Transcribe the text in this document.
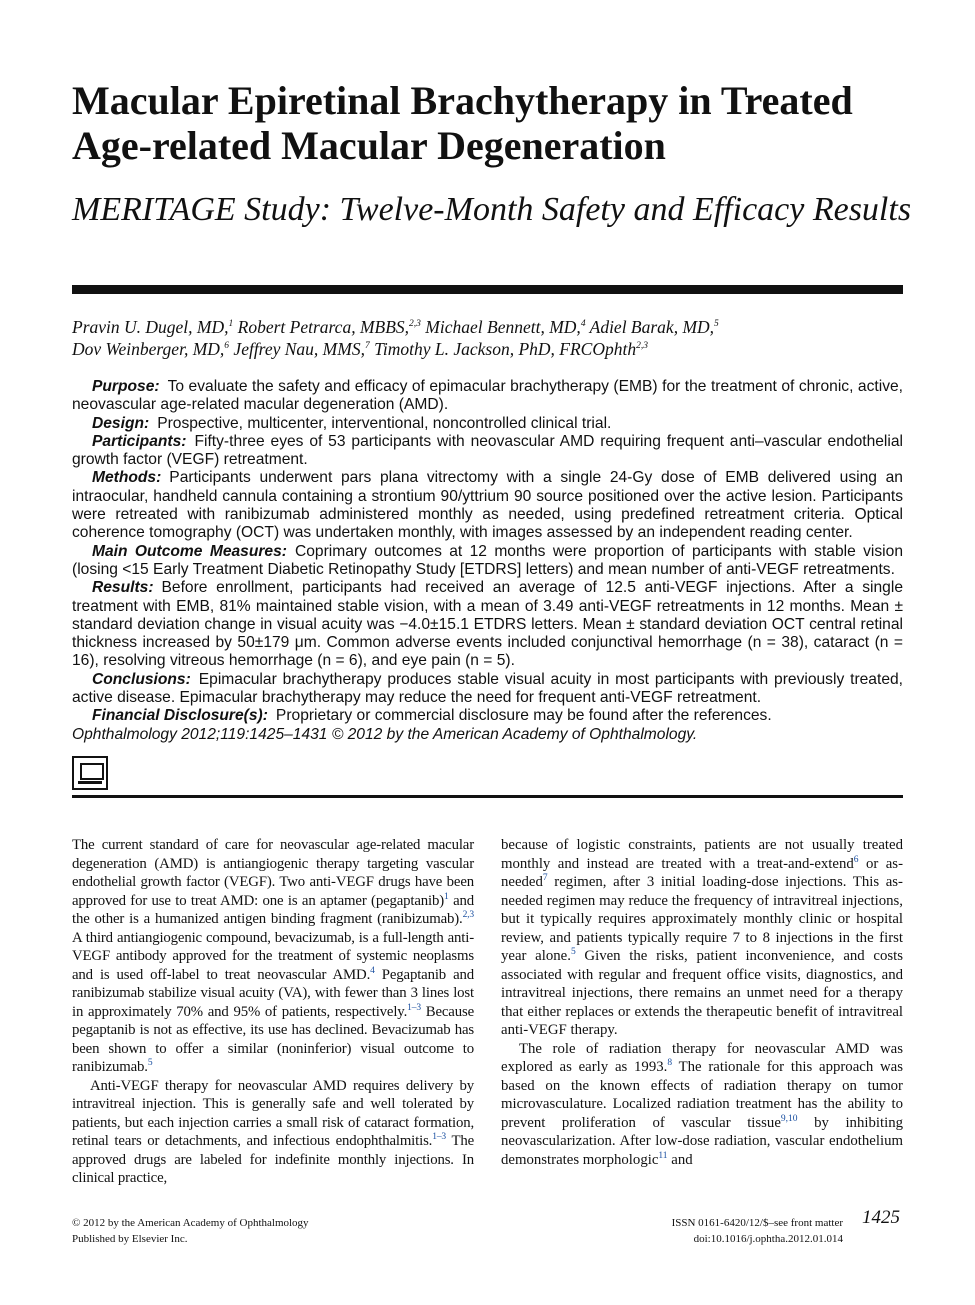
Macular Epiretinal Brachytherapy in Treated Age-related Macular Degeneration
MERITAGE Study: Twelve-Month Safety and Efficacy Results
Pravin U. Dugel, MD,$^1$ Robert Petrarca, MBBS,$^{2,3}$ Michael Bennett, MD,$^4$ Adiel Barak, MD,$^5$
Dov Weinberger, MD,$^6$ Jeffrey Nau, MMS,$^7$ Timothy L. Jackson, PhD, FRCOphth$^{2,3}$

Purpose: To evaluate the safety and efficacy of epimacular brachytherapy (EMB) for the treatment of chronic, active, neovascular age-related macular degeneration (AMD).

Design: Prospective, multicenter, interventional, noncontrolled clinical trial.

Participants: Fifty-three eyes of 53 participants with neovascular AMD requiring frequent anti–vascular endothelial growth factor (VEGF) retreatment.

Methods: Participants underwent pars plana vitrectomy with a single 24-Gy dose of EMB delivered using an intraocular, handheld cannula containing a strontium 90/yttrium 90 source positioned over the active lesion. Participants were retreated with ranibizumab administered monthly as needed, using predefined retreatment criteria. Optical coherence tomography (OCT) was undertaken monthly, with images assessed by an independent reading center.

Main Outcome Measures: Coprimary outcomes at 12 months were proportion of participants with stable vision (losing <15 Early Treatment Diabetic Retinopathy Study [ETDRS] letters) and mean number of anti-VEGF retreatments.

Results: Before enrollment, participants had received an average of 12.5 anti-VEGF injections. After a single treatment with EMB, 81% maintained stable vision, with a mean of 3.49 anti-VEGF retreatments in 12 months. Mean ± standard deviation change in visual acuity was −4.0±15.1 ETDRS letters. Mean ± standard deviation OCT central retinal thickness increased by 50±179 μm. Common adverse events included conjunctival hemorrhage (n = 38), cataract (n = 16), resolving vitreous hemorrhage (n = 6), and eye pain (n = 5).

Conclusions: Epimacular brachytherapy produces stable visual acuity in most participants with previously treated, active disease. Epimacular brachytherapy may reduce the need for frequent anti-VEGF retreatment.

Financial Disclosure(s): Proprietary or commercial disclosure may be found after the references.

Ophthalmology 2012;119:1425–1431 © 2012 by the American Academy of Ophthalmology.

The current standard of care for neovascular age-related macular degeneration (AMD) is antiangiogenic therapy targeting vascular endothelial growth factor (VEGF). Two anti-VEGF drugs have been approved for use to treat AMD: one is an aptamer (pegaptanib)$^1$ and the other is a humanized antigen binding fragment (ranibizumab).$^{2,3}$ A third antiangiogenic compound, bevacizumab, is a full-length anti-VEGF antibody approved for the treatment of systemic neoplasms and is used off-label to treat neovascular AMD.$^4$ Pegaptanib and ranibizumab stabilize visual acuity (VA), with fewer than 3 lines lost in approximately 70% and 95% of patients, respectively.$^{1-3}$ Because pegaptanib is not as effective, its use has declined. Bevacizumab has been shown to offer a similar (noninferior) visual outcome to ranibizumab.$^5$

Anti-VEGF therapy for neovascular AMD requires delivery by intravitreal injection. This is generally safe and well tolerated by patients, but each injection carries a small risk of cataract formation, retinal tears or detachments, and infectious endophthalmitis.$^{1-3}$ The approved drugs are labeled for indefinite monthly injections. In clinical practice,

because of logistic constraints, patients are not usually treated monthly and instead are treated with a treat-and-extend$^6$ or as-needed$^7$ regimen, after 3 initial loading-dose injections. This as-needed regimen may reduce the frequency of intravitreal injections, but it typically requires approximately monthly clinic or hospital review, and patients typically require 7 to 8 injections in the first year alone.$^5$ Given the risks, patient inconvenience, and costs associated with regular and frequent office visits, diagnostics, and intravitreal injections, there remains an unmet need for a therapy that either replaces or extends the therapeutic benefit of intravitreal anti-VEGF therapy.

The role of radiation therapy for neovascular AMD was explored as early as 1993.$^8$ The rationale for this approach was based on the known effects of radiation therapy on tumor microvasculature. Localized radiation treatment has the ability to prevent proliferation of vascular tissue$^{9,10}$ by inhibiting neovascularization. After low-dose radiation, vascular endothelium demonstrates morphologic$^{11}$ and

© 2012 by the American Academy of Ophthalmology
Published by Elsevier Inc.
ISSN 0161-6420/12/$–see front matter
doi:10.1016/j.ophtha.2012.01.014
1425
